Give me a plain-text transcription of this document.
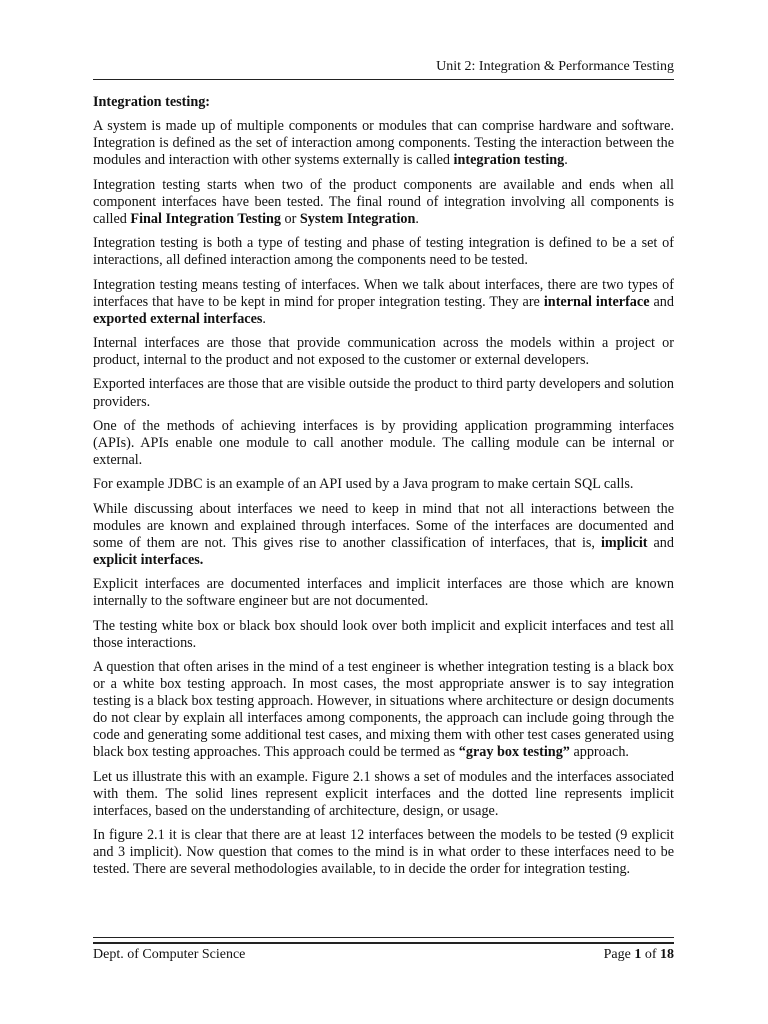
Unit 2: Integration & Performance Testing
Integration testing:

A system is made up of multiple components or modules that can comprise hardware and software. Integration is defined as the set of interaction among components. Testing the interaction between the modules and interaction with other systems externally is called integration testing.

Integration testing starts when two of the product components are available and ends when all component interfaces have been tested. The final round of integration involving all components is called Final Integration Testing or System Integration.

Integration testing is both a type of testing and phase of testing integration is defined to be a set of interactions, all defined interaction among the components need to be tested.

Integration testing means testing of interfaces. When we talk about interfaces, there are two types of interfaces that have to be kept in mind for proper integration testing. They are internal interface and exported external interfaces.

Internal interfaces are those that provide communication across the models within a project or product, internal to the product and not exposed to the customer or external developers.

Exported interfaces are those that are visible outside the product to third party developers and solution providers.

One of the methods of achieving interfaces is by providing application programming interfaces (APIs). APIs enable one module to call another module. The calling module can be internal or external.

For example JDBC is an example of an API used by a Java program to make certain SQL calls.

While discussing about interfaces we need to keep in mind that not all interactions between the modules are known and explained through interfaces. Some of the interfaces are documented and some of them are not. This gives rise to another classification of interfaces, that is, implicit and explicit interfaces.

Explicit interfaces are documented interfaces and implicit interfaces are those which are known internally to the software engineer but are not documented.

The testing white box or black box should look over both implicit and explicit interfaces and test all those interactions.

A question that often arises in the mind of a test engineer is whether integration testing is a black box or a white box testing approach. In most cases, the most appropriate answer is to say integration testing is a black box testing approach. However, in situations where architecture or design documents do not clear by explain all interfaces among components, the approach can include going through the code and generating some additional test cases, and mixing them with other test cases generated using black box testing approaches. This approach could be termed as “gray box testing” approach.

Let us illustrate this with an example. Figure 2.1 shows a set of modules and the interfaces associated with them. The solid lines represent explicit interfaces and the dotted line represents implicit interfaces, based on the understanding of architecture, design, or usage.

In figure 2.1 it is clear that there are at least 12 interfaces between the models to be tested (9 explicit and 3 implicit). Now question that comes to the mind is in what order to these interfaces need to be tested. There are several methodologies available, to in decide the order for integration testing.

Dept. of Computer Science	Page 1 of 18
